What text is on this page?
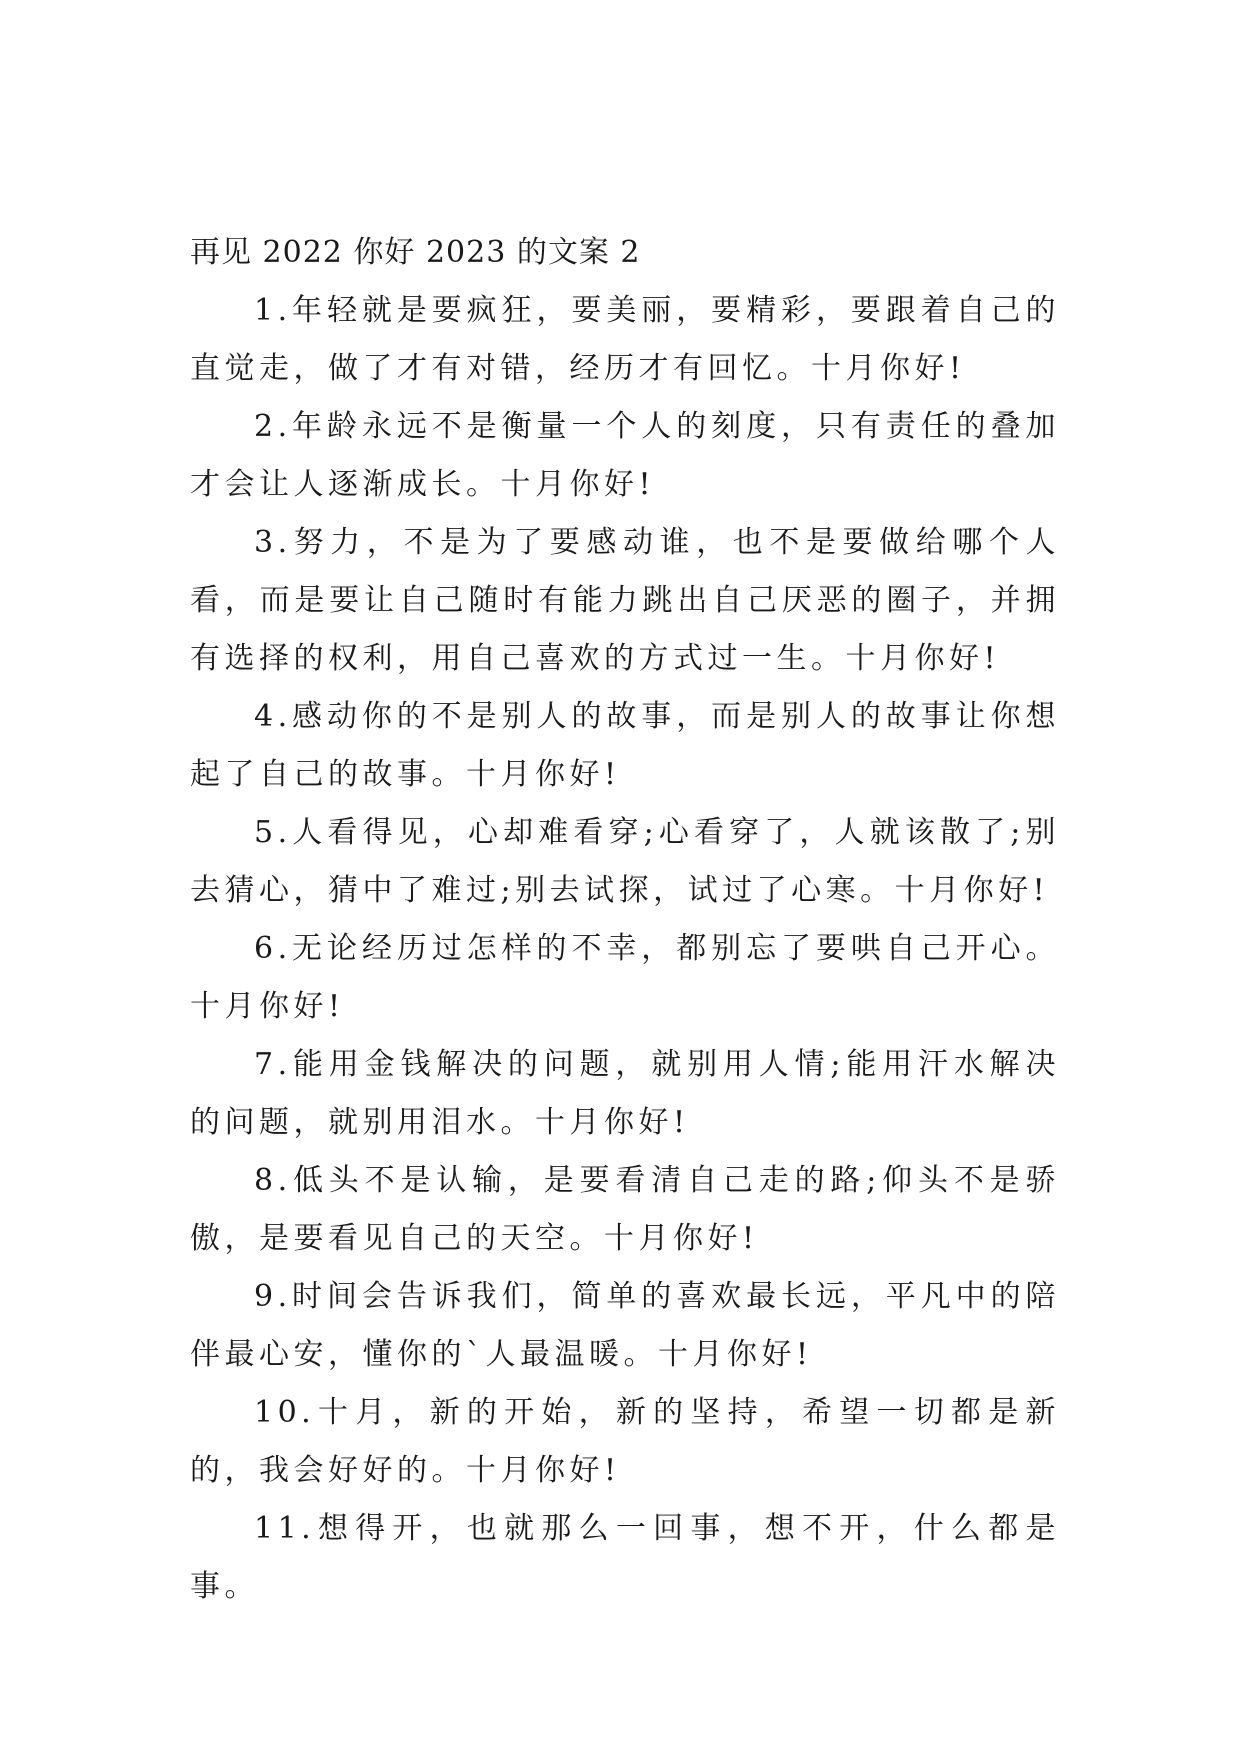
再见 2022 你好 2023 的文案 2

1.年轻就是要疯狂，要美丽，要精彩，要跟着自己的直觉走，做了才有对错，经历才有回忆。十月你好!

2.年龄永远不是衡量一个人的刻度，只有责任的叠加才会让人逐渐成长。十月你好!

3.努力，不是为了要感动谁，也不是要做给哪个人看，而是要让自己随时有能力跳出自己厌恶的圈子，并拥有选择的权利，用自己喜欢的方式过一生。十月你好!

4.感动你的不是别人的故事，而是别人的故事让你想起了自己的故事。十月你好!

5.人看得见，心却难看穿;心看穿了，人就该散了;别去猜心，猜中了难过;别去试探，试过了心寒。十月你好!

6.无论经历过怎样的不幸，都别忘了要哄自己开心。十月你好!

7.能用金钱解决的问题，就别用人情;能用汗水解决的问题，就别用泪水。十月你好!

8.低头不是认输，是要看清自己走的路;仰头不是骄傲，是要看见自己的天空。十月你好!

9.时间会告诉我们，简单的喜欢最长远，平凡中的陪伴最心安，懂你的`人最温暖。十月你好!

10.十月，新的开始，新的坚持，希望一切都是新的，我会好好的。十月你好!

11.想得开，也就那么一回事，想不开，什么都是事。
